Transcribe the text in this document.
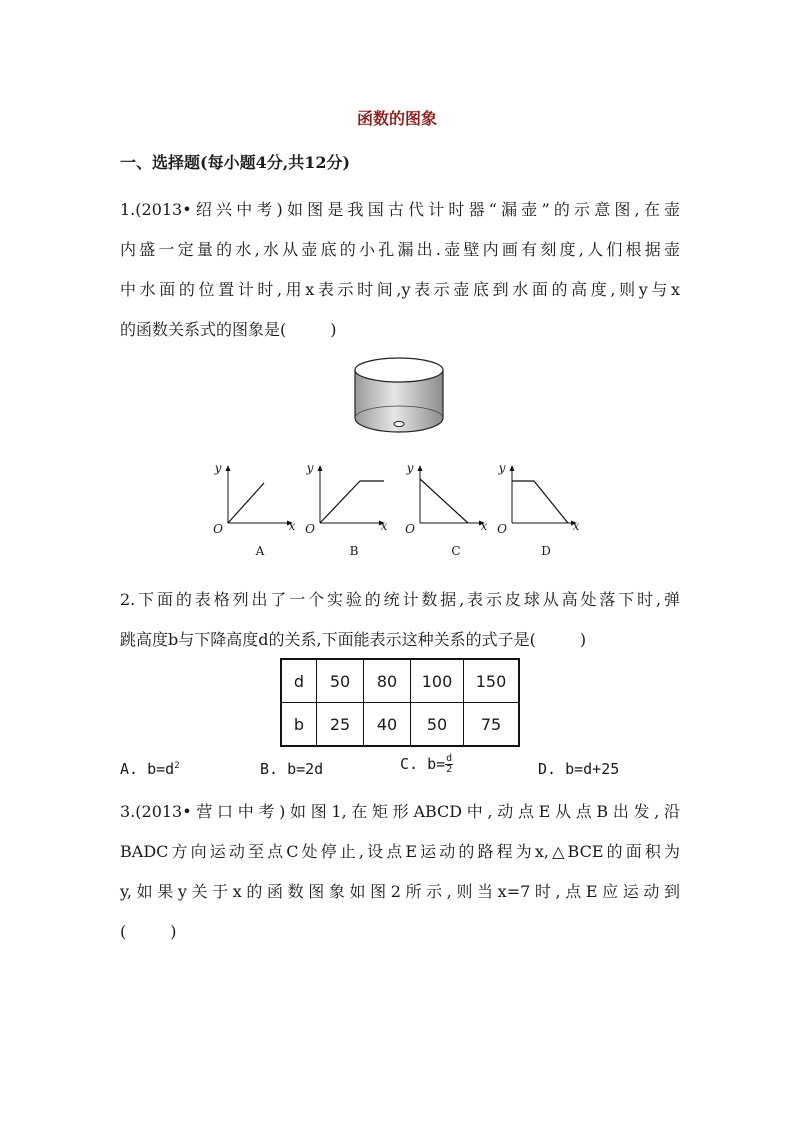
函数的图象
一、选择题(每小题4分,共12分)
1.(2013•绍兴中考)如图是我国古代计时器“漏壶”的示意图,在壶
内盛一定量的水,水从壶底的小孔漏出.壶壁内画有刻度,人们根据壶
中水面的位置计时,用x表示时间,y表示壶底到水面的高度,则y与x
的函数关系式的图象是(	)
y
x
O
A
y
x
O
B
y
x
O
C
y
x
O
D
2.下面的表格列出了一个实验的统计数据,表示皮球从高处落下时,弹
跳高度b与下降高度d的关系,下面能表示这种关系的式子是(	)
d	50	80	100	150
b	25	40	50	75
A. $b=d^2$	B. b=2d	C. $b= \frac{d}{2}$	D. b=d+25
3.(2013•营口中考)如图1,在矩形ABCD中,动点E从点B出发,沿
BADC方向运动至点C处停止,设点E运动的路程为x,△BCE的面积为
y,如果y关于x的函数图象如图2所示,则当x=7时,点E应运动到
(	)
